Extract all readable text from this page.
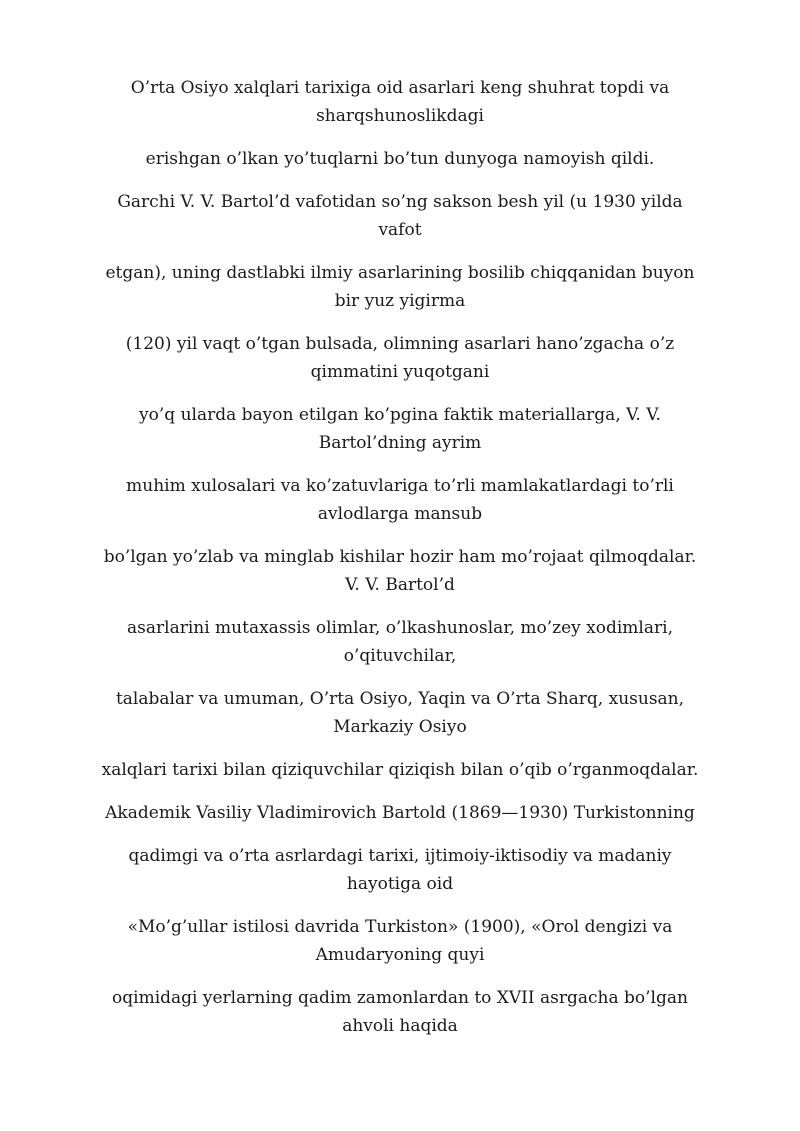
O’rta Osiyo xalqlari tarixiga oid asarlari keng shuhrat topdi va sharqshunoslikdagi

erishgan o’lkan yo’tuqlarni bo’tun dunyoga namoyish qildi.

Garchi V. V. Bartol’d vafotidan so’ng sakson besh yil (u 1930 yilda vafot

etgan), uning dastlabki ilmiy asarlarining bosilib chiqqanidan buyon bir yuz yigirma

(120) yil vaqt o’tgan bulsada, olimning asarlari hano’zgacha o’z qimmatini yuqotgani

yo’q ularda bayon etilgan ko’pgina faktik materiallarga, V. V. Bartol’dning ayrim

muhim xulosalari va ko’zatuvlariga to’rli mamlakatlardagi to’rli avlodlarga mansub

bo’lgan yo’zlab va minglab kishilar hozir ham mo’rojaat qilmoqdalar. V. V. Bartol’d

asarlarini mutaxassis olimlar, o’lkashunoslar, mo’zey xodimlari, o’qituvchilar,

talabalar va umuman, O’rta Osiyo, Yaqin va O’rta Sharq, xususan, Markaziy Osiyo

xalqlari tarixi bilan qiziquvchilar qiziqish bilan o’qib o’rganmoqdalar.

Akademik Vasiliy Vladimirovich Bartold (1869—1930) Turkistonning

qadimgi va o’rta asrlardagi tarixi, ijtimoiy-iktisodiy va madaniy hayotiga oid

«Mo’g’ullar istilosi davrida Turkiston» (1900), «Orol dengizi va Amudaryoning quyi

oqimidagi yerlarning qadim zamonlardan to XVII asrgacha bo’lgan ahvoli haqida
